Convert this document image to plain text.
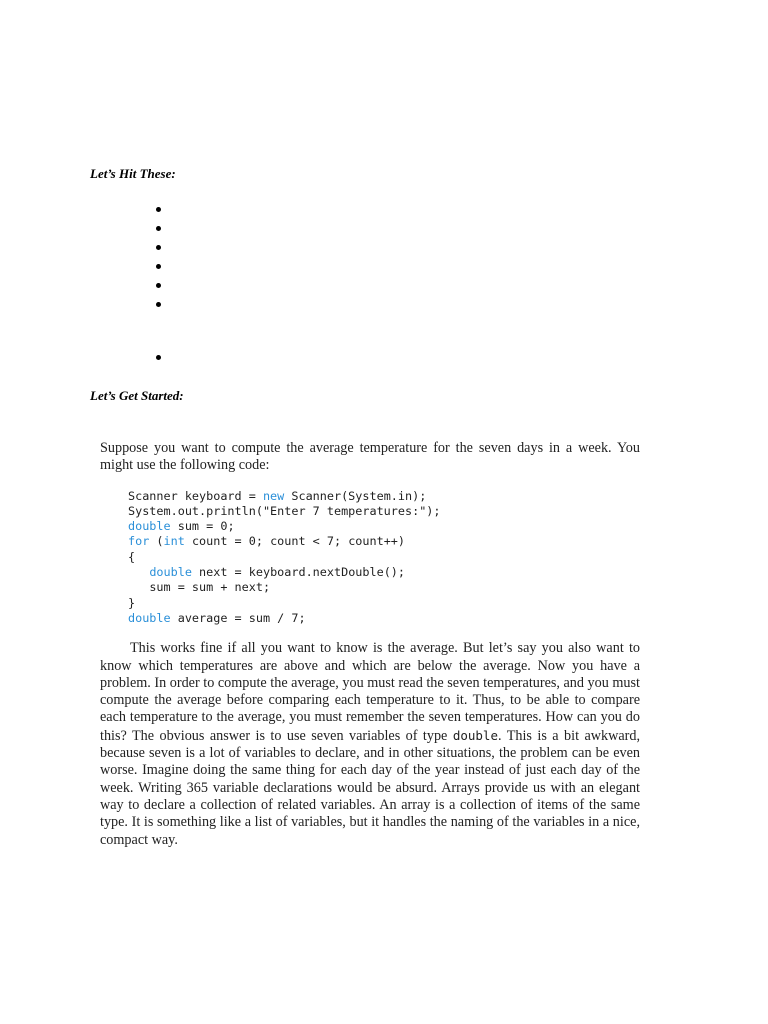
Let’s Hit These:
Let’s Get Started:

Suppose you want to compute the average temperature for the seven days in a week. You might use the following code:

Scanner keyboard = new Scanner(System.in);
System.out.println("Enter 7 temperatures:");
double sum = 0;
for (int count = 0; count < 7; count++)
{
double next = keyboard.nextDouble();
sum = sum + next;
}
double average = sum / 7;

This works fine if all you want to know is the average. But let’s say you also want to know which temperatures are above and which are below the average. Now you have a problem. In order to compute the average, you must read the seven temperatures, and you must compute the average before comparing each temperature to it. Thus, to be able to compare each temperature to the average, you must remember the seven temperatures. How can you do this? The obvious answer is to use seven variables of type double. This is a bit awkward, because seven is a lot of variables to declare, and in other situations, the problem can be even worse. Imagine doing the same thing for each day of the year instead of just each day of the week. Writing 365 variable declarations would be absurd. Arrays provide us with an elegant way to declare a collection of related variables. An array is a collection of items of the same type. It is something like a list of variables, but it handles the naming of the variables in a nice, compact way.
